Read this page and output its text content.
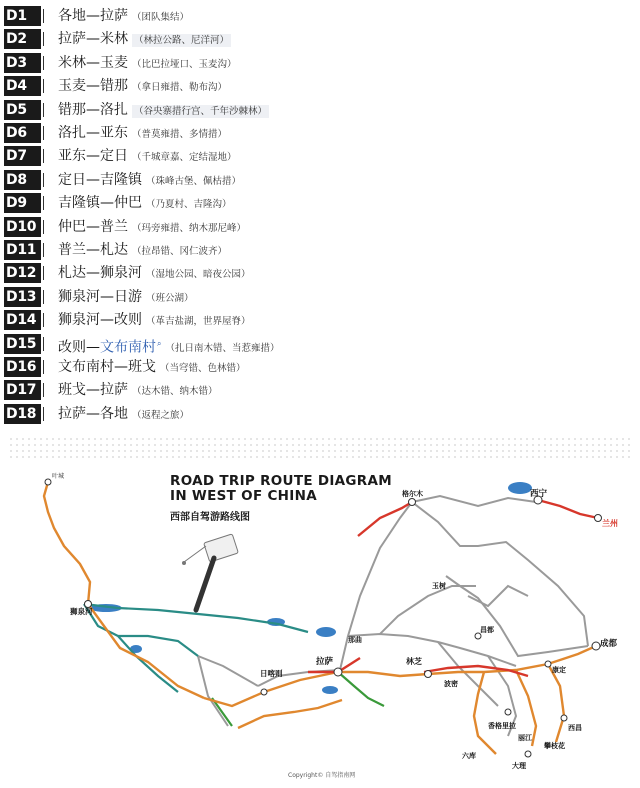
D1	各地—拉萨 （团队集结）
D2	拉萨—米林 （林拉公路、尼洋河）
D3	米林—玉麦 （比巴拉垭口、玉麦沟）
D4	玉麦—错那 （拿日雍措、勒布沟）
D5	错那—洛扎 （谷央寨措行宫、千年沙棘林）
D6	洛扎—亚东 （普莫雍措、多情措）
D7	亚东—定日 （千城章嘉、定结湿地）
D8	定日—吉隆镇 （珠峰古堡、佩枯措）
D9	吉隆镇—仲巴 （乃夏村、吉隆沟）
D10	仲巴—普兰 （玛旁雍措、纳木那尼峰）
D11	普兰—札达 （拉昂错、冈仁波齐）
D12	札达—狮泉河 （湿地公园、暗夜公园）
D13	狮泉河—日游 （班公湖）
D14	狮泉河—改则 （革吉盐湖，世界屋脊）
D15	改则—文布南村⌕（扎日南木错、当惹雍措）
D16	文布南村—班戈 （当穹错、色林错）
D17	班戈—拉萨 （达木错、纳木错）
D18	拉萨—各地 （返程之旅）
叶城
狮泉河
日喀则
拉萨	林芝
西宁
兰州
成都
康定
格尔木
玉树
香格里拉
丽江
大理
西昌
攀枝花
那曲
昌都
波密
六库
ROAD TRIP ROUTE DIAGRAM
IN WEST OF CHINA
西部自驾游路线图
Copyright© 自驾指南网
